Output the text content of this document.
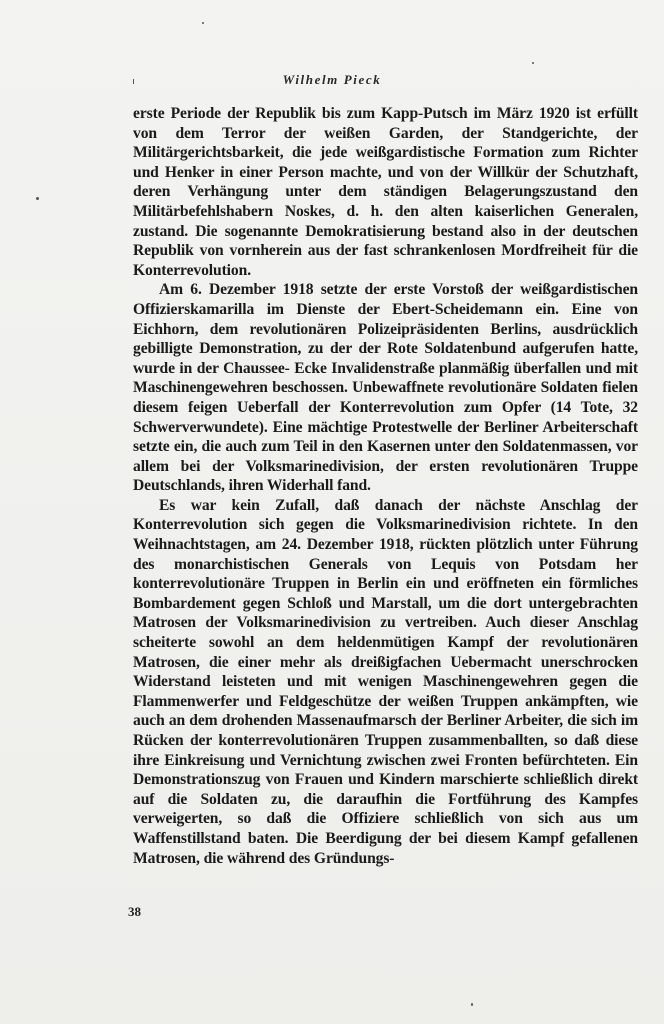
Wilhelm Pieck

erste Periode der Republik bis zum Kapp-Putsch im März 1920 ist erfüllt von dem Terror der weißen Garden, der Standgerichte, der Militärgerichtsbarkeit, die jede weißgardistische Formation zum Richter und Henker in einer Person machte, und von der Willkür der Schutzhaft, deren Verhängung unter dem ständigen Belagerungszustand den Militärbefehlshabern Noskes, d. h. den alten kaiserlichen Generalen, zustand. Die sogenannte Demokratisierung bestand also in der deutschen Republik von vornherein aus der fast schrankenlosen Mordfreiheit für die Konterrevolution.

Am 6. Dezember 1918 setzte der erste Vorstoß der weißgardistischen Offizierskamarilla im Dienste der Ebert-Scheidemann ein. Eine von Eichhorn, dem revolutionären Polizeipräsidenten Berlins, ausdrücklich gebilligte Demonstration, zu der der Rote Soldatenbund aufgerufen hatte, wurde in der Chaussee- Ecke Invalidenstraße planmäßig überfallen und mit Maschinengewehren beschossen. Unbewaffnete revolutionäre Soldaten fielen diesem feigen Ueberfall der Konterrevolution zum Opfer (14 Tote, 32 Schwerverwundete). Eine mächtige Protestwelle der Berliner Arbeiterschaft setzte ein, die auch zum Teil in den Kasernen unter den Soldatenmassen, vor allem bei der Volksmarinedivision, der ersten revolutionären Truppe Deutschlands, ihren Widerhall fand.

Es war kein Zufall, daß danach der nächste Anschlag der Konterrevolution sich gegen die Volksmarinedivision richtete. In den Weihnachtstagen, am 24. Dezember 1918, rückten plötzlich unter Führung des monarchistischen Generals von Lequis von Potsdam her konterrevolutionäre Truppen in Berlin ein und eröffneten ein förmliches Bombardement gegen Schloß und Marstall, um die dort untergebrachten Matrosen der Volksmarinedivision zu vertreiben. Auch dieser Anschlag scheiterte sowohl an dem heldenmütigen Kampf der revolutionären Matrosen, die einer mehr als dreißigfachen Uebermacht unerschrocken Widerstand leisteten und mit wenigen Maschinengewehren gegen die Flammenwerfer und Feldgeschütze der weißen Truppen ankämpften, wie auch an dem drohenden Massenaufmarsch der Berliner Arbeiter, die sich im Rücken der konterrevolutionären Truppen zusammenballten, so daß diese ihre Einkreisung und Vernichtung zwischen zwei Fronten befürchteten. Ein Demonstrationszug von Frauen und Kindern marschierte schließlich direkt auf die Soldaten zu, die daraufhin die Fortführung des Kampfes verweigerten, so daß die Offiziere schließlich von sich aus um Waffenstillstand baten. Die Beerdigung der bei diesem Kampf gefallenen Matrosen, die während des Gründungs-

38
